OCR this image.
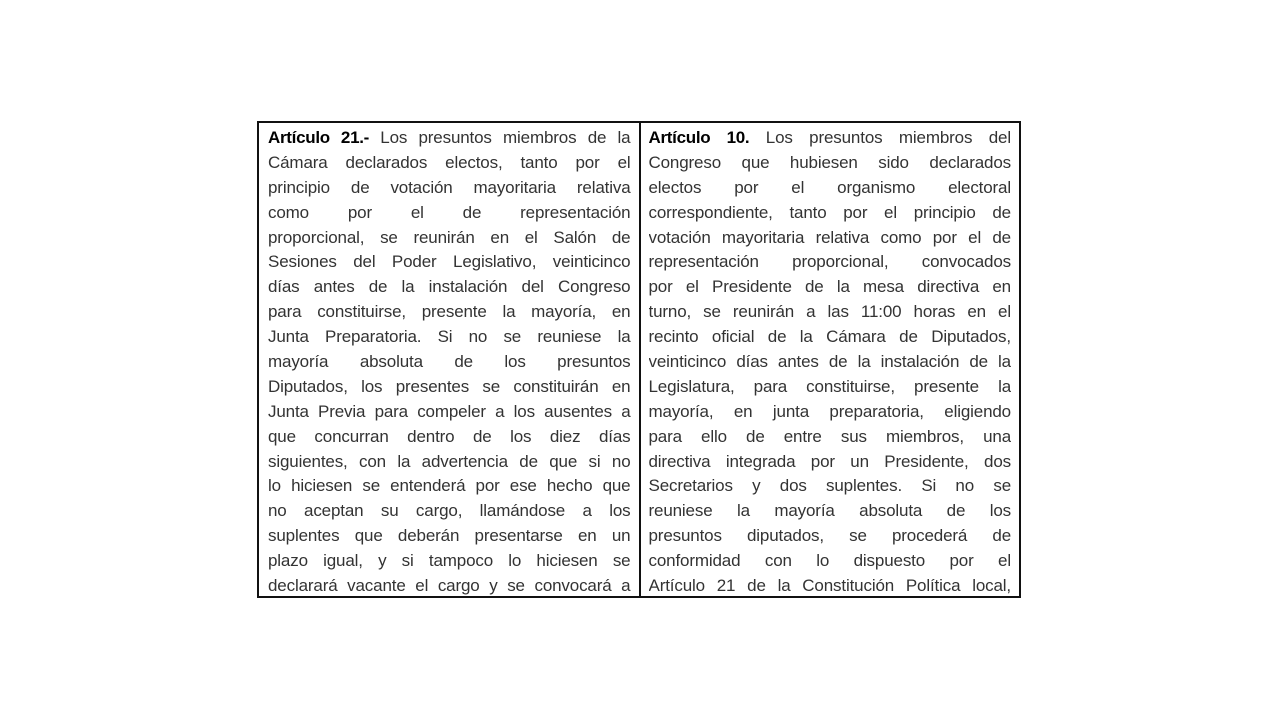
Artículo 21.- Los presuntos miembros de la
Cámara declarados electos, tanto por el
principio de votación mayoritaria relativa
como por el de representación
proporcional, se reunirán en el Salón de
Sesiones del Poder Legislativo, veinticinco
días antes de la instalación del Congreso
para constituirse, presente la mayoría, en
Junta Preparatoria. Si no se reuniese la
mayoría absoluta de los presuntos
Diputados, los presentes se constituirán en
Junta Previa para compeler a los ausentes a
que concurran dentro de los diez días
siguientes, con la advertencia de que si no
lo hiciesen se entenderá por ese hecho que
no aceptan su cargo, llamándose a los
suplentes que deberán presentarse en un
plazo igual, y si tampoco lo hiciesen se
declarará vacante el cargo y se convocará a
Artículo 10. Los presuntos miembros del
Congreso que hubiesen sido declarados
electos por el organismo electoral
correspondiente, tanto por el principio de
votación mayoritaria relativa como por el de
representación proporcional, convocados
por el Presidente de la mesa directiva en
turno, se reunirán a las 11:00 horas en el
recinto oficial de la Cámara de Diputados,
veinticinco días antes de la instalación de la
Legislatura, para constituirse, presente la
mayoría, en junta preparatoria, eligiendo
para ello de entre sus miembros, una
directiva integrada por un Presidente, dos
Secretarios y dos suplentes. Si no se
reuniese la mayoría absoluta de los
presuntos diputados, se procederá de
conformidad con lo dispuesto por el
Artículo 21 de la Constitución Política local,
